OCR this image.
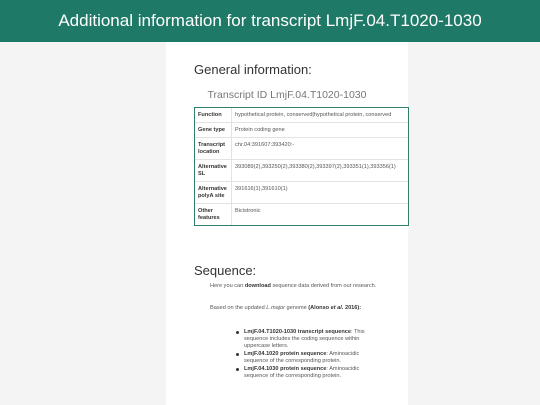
Additional information for transcript LmjF.04.T1020-1030
General information:
Transcript ID LmjF.04.T1020-1030
Function	hypothetical protein, conserved|hypothetical protein, conserved
Gene type	Protein coding gene
Transcript location	chr.04:391607:393420:-
Alternative SL	393089(2),393250(2),393380(2),393397(2),393351(1),393356(1)
Alternative polyA site	391616(1),391610(1)
Other features	Bicistronic
Sequence:
Here you can download sequence data derived from our research.
Based on the updated L.major genome (Alonso et al. 2016):
LmjF.04.T1020-1030 transcript sequence: This sequence includes the coding sequence within uppercase letters.
LmjF.04.1020 protein sequence: Aminoacidic sequence of the corresponding protein.
LmjF.04.1030 protein sequence: Aminoacidic sequence of the corresponding protein.
